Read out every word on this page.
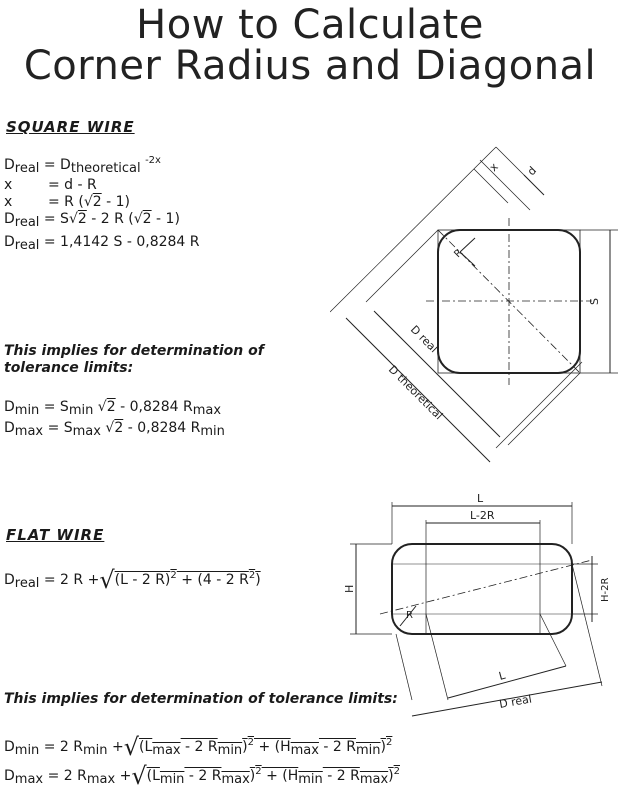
How to Calculate
Corner Radius and Diagonal
SQUARE WIRE
$D_{real} = D_{theoretical}$ $^{-2x}$
x	= d - R
x	= R (√2 - 1)
$D_{real} = S√2 - 2$ R (√2 - 1)
$D_{real} = 1,4142$ S - 0,8284 R
This implies for determination of
tolerance limits:
$D_{min} = S_{min}$ √2 - 0,8284 $R_{max}$
$D_{max} = S_{max}$ √2 - 0,8284 $R_{min}$
x d
R
S
D real
D theoretical
FLAT WIRE
$D_{real} = 2$ R +√(L - 2 R)$^2$ + (4 - 2 $R^2$)
This implies for determination of tolerance limits:
$D_{min} = 2$ $R_{min} +√(L_{max} - 2$ $R_{min})^2 + (H_{max} - 2$ $R_{min})^2$
$D_{max} = 2$ $R_{max} +√(L_{min} - 2$ $R_{max})^2 + (H_{min} - 2$ $R_{max})^2$
L
L-2R
H	H-2R
R
L
D real
